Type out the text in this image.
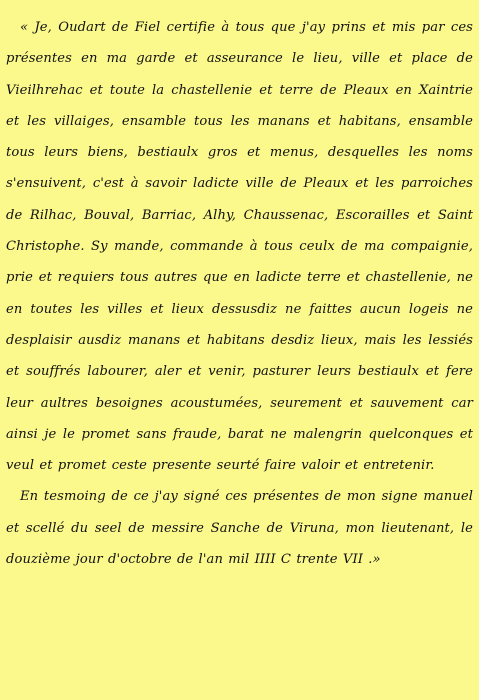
« Je, Oudart de Fiel certifie à tous que j'ay prins et mis par ces présentes en ma garde et asseurance le lieu, ville et place de Vieilhrehac et toute la chastellenie et terre de Pleaux en Xaintrie et les villaiges, ensamble tous les manans et habitans, ensamble tous leurs biens, bestiaulx gros et menus, desquelles les noms s'ensuivent, c'est à savoir ladicte ville de Pleaux et les parroiches de Rilhac, Bouval, Barriac, Alhy, Chaussenac, Escorailles et Saint Christophe. Sy mande, commande à tous ceulx de ma compaignie, prie et requiers tous autres que en ladicte terre et chastellenie, ne en toutes les villes et lieux dessusdiz ne faittes aucun logeis ne desplaisir ausdiz manans et habitans desdiz lieux, mais les lessiés et souffrés labourer, aler et venir, pasturer leurs bestiaulx et fere leur aultres besoignes acoustumées, seurement et sauvement car ainsi je le promet sans fraude, barat ne malengrin quelconques et veul et promet ceste presente seurté faire valoir et entretenir.

En tesmoing de ce j'ay signé ces présentes de mon signe manuel et scellé du seel de messire Sanche de Viruna, mon lieutenant, le douzième jour d'octobre de l'an mil IIII C trente VII .»
